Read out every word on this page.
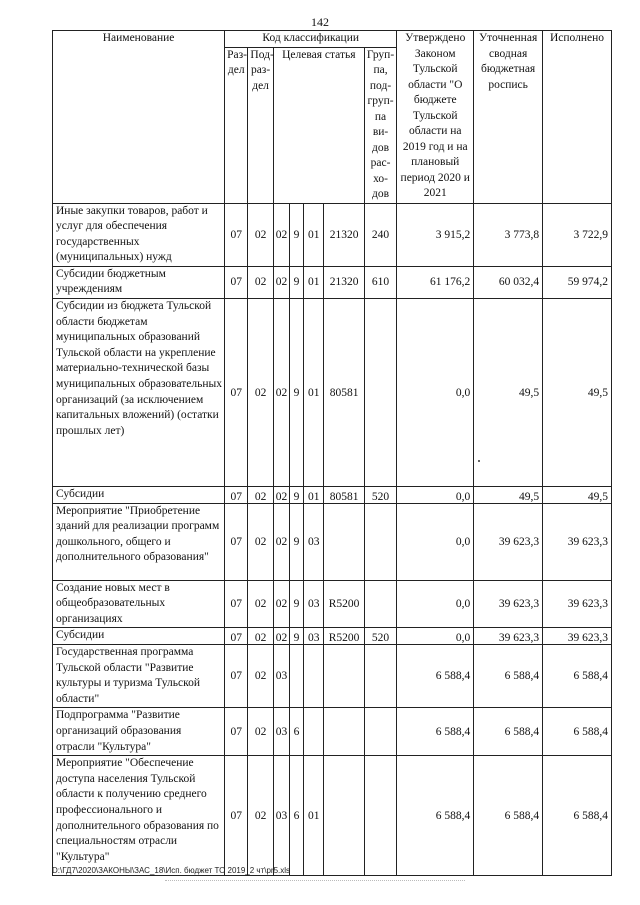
142
Наименование	Код классификации							Утверждено Законом Тульской области "О бюджете Тульской области на 2019 год и на плановый период 2020 и 2021	Уточненная сводная бюджетная роспись	Исполнено
	Раз-дел	Под-раз-дел	Целевая статья				Груп-па, под-груп-па ви-дов рас-хо-дов			

Иные закупки товаров, работ и услуг для обеспечения государственных (муниципальных) нужд	07	02	02	9	01	21320	240	3 915,2	3 773,8	3 722,9
Субсидии бюджетным учреждениям	07	02	02	9	01	21320	610	61 176,2	60 032,4	59 974,2
Субсидии из бюджета Тульской области бюджетам муниципальных образований Тульской области на укрепление материально-технической базы муниципальных образовательных организаций (за исключением капитальных вложений) (остатки прошлых лет)	07	02	02	9	01	80581		0,0	49,5	49,5
Субсидии	07	02	02	9	01	80581	520	0,0	49,5	49,5
Мероприятие "Приобретение зданий для реализации программ дошкольного, общего и дополнительного образования"	07	02	02	9	03			0,0	39 623,3	39 623,3
Создание новых мест в общеобразовательных организациях	07	02	02	9	03	R5200		0,0	39 623,3	39 623,3
Субсидии	07	02	02	9	03	R5200	520	0,0	39 623,3	39 623,3
Государственная программа Тульской области "Развитие культуры и туризма Тульской области"	07	02	03					6 588,4	6 588,4	6 588,4
Подпрограмма "Развитие организаций образования отрасли "Культура"	07	02	03	6				6 588,4	6 588,4	6 588,4
Мероприятие "Обеспечение доступа населения Тульской области к получению среднего профессионального и дополнительного образования по специальностям отрасли "Культура"	07	02	03	6	01			6 588,4	6 588,4	6 588,4
D:\ГД7\2020\ЗАКОНЫ\ЗАС_18\Исп. бюджет ТО 2019_2 чт\pr5.xls
